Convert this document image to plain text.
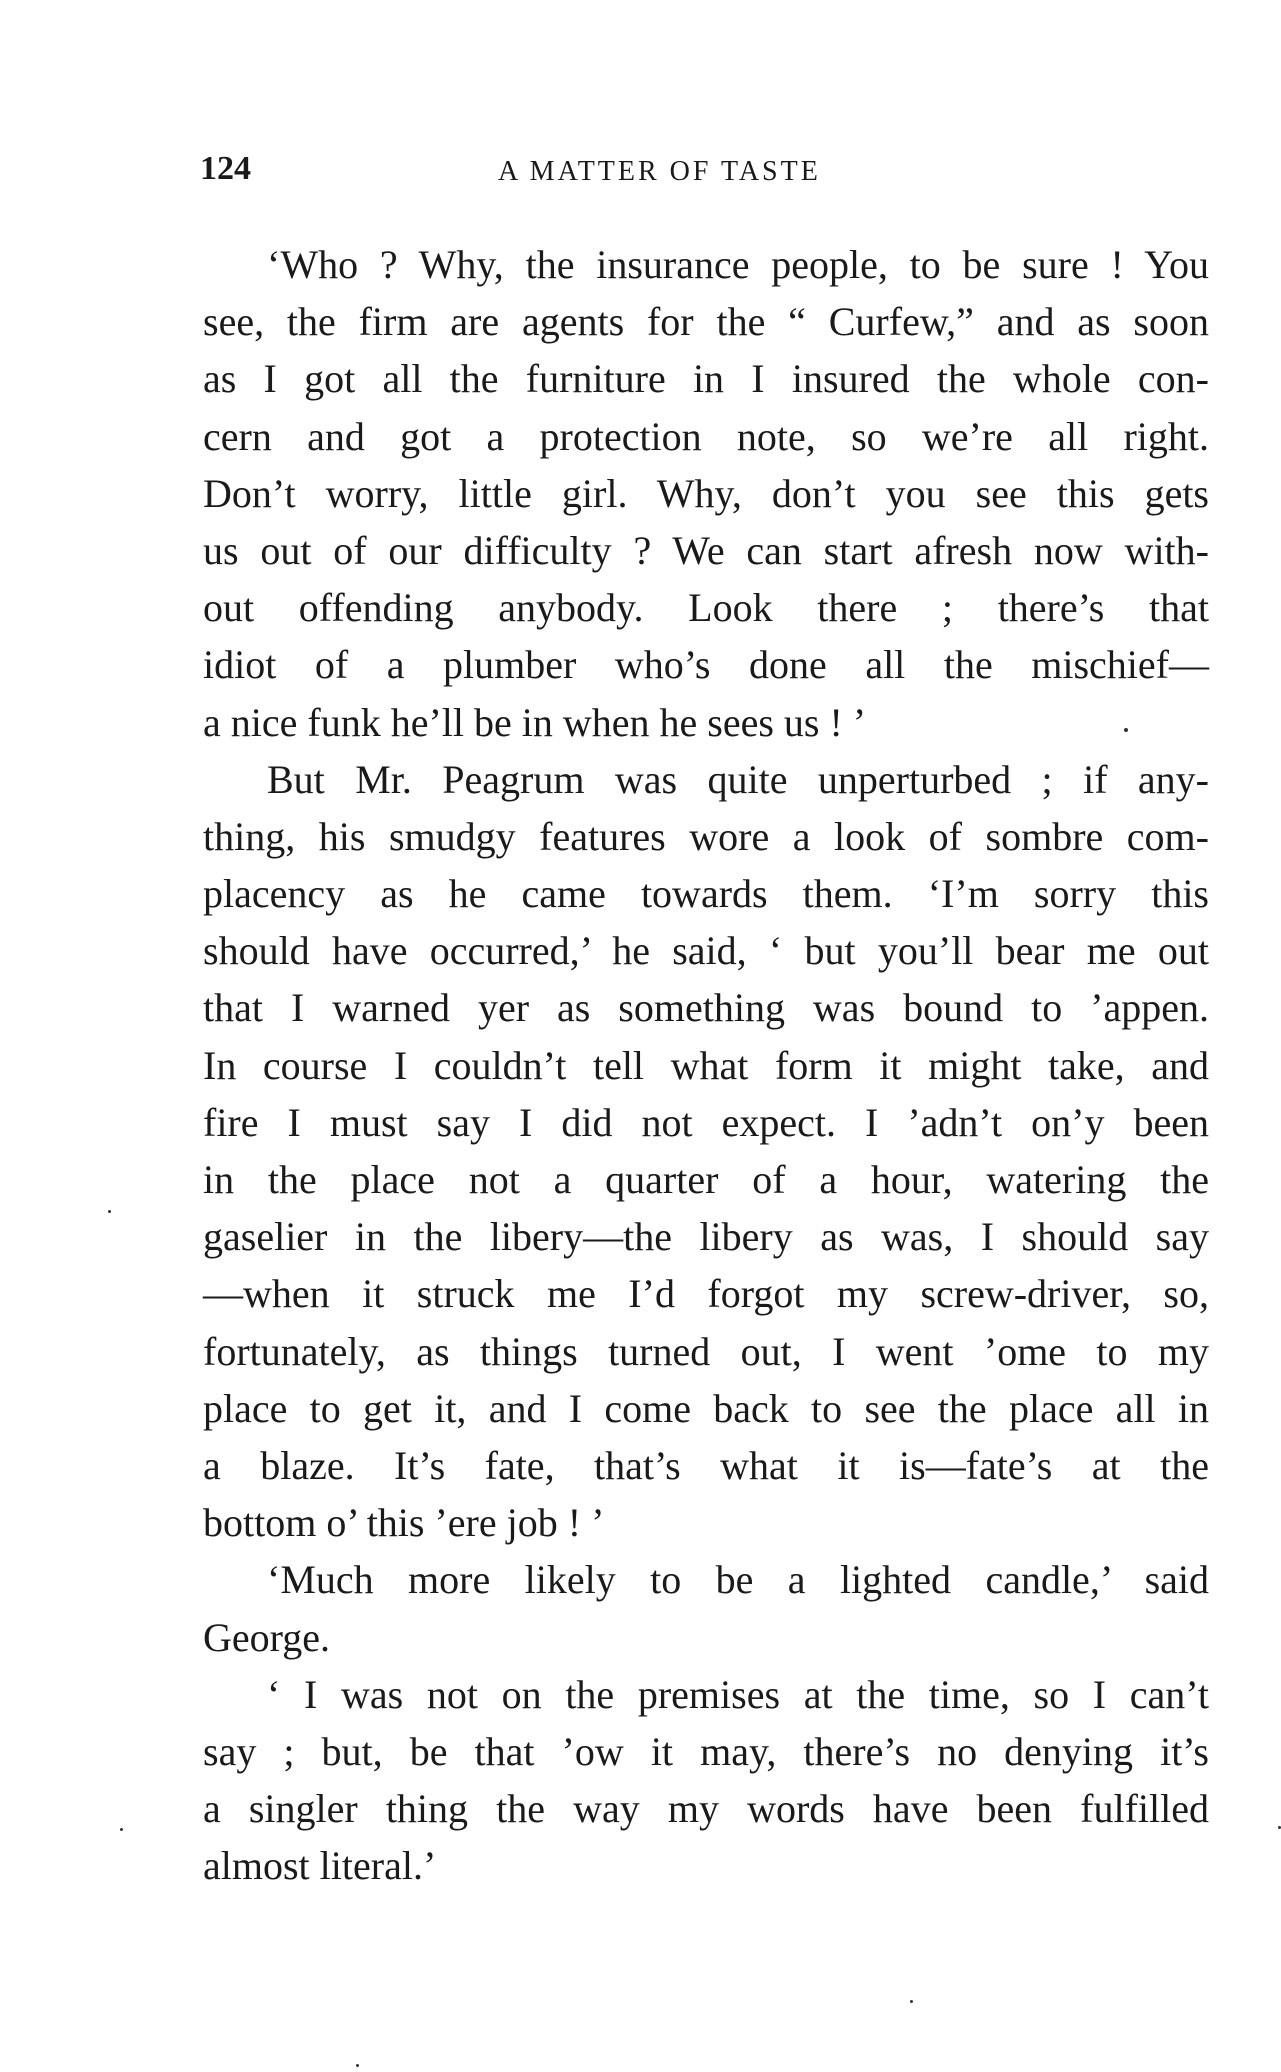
124	A MATTER OF TASTE
‘Who ? Why, the insurance people, to be sure ! You
see, the firm are agents for the “ Curfew,” and as soon
as I got all the furniture in I insured the whole con-
cern and got a protection note, so we’re all right.
Don’t worry, little girl. Why, don’t you see this gets
us out of our difficulty ? We can start afresh now with-
out offending anybody. Look there ; there’s that
idiot of a plumber who’s done all the mischief—
a nice funk he’ll be in when he sees us ! ’
But Mr. Peagrum was quite unperturbed ; if any-
thing, his smudgy features wore a look of sombre com-
placency as he came towards them. ‘I’m sorry this
should have occurred,’ he said, ‘ but you’ll bear me out
that I warned yer as something was bound to ’appen.
In course I couldn’t tell what form it might take, and
fire I must say I did not expect. I ’adn’t on’y been
in the place not a quarter of a hour, watering the
gaselier in the libery—the libery as was, I should say
—when it struck me I’d forgot my screw-driver, so,
fortunately, as things turned out, I went ’ome to my
place to get it, and I come back to see the place all in
a blaze. It’s fate, that’s what it is—fate’s at the
bottom o’ this ’ere job ! ’
‘Much more likely to be a lighted candle,’ said
George.
‘ I was not on the premises at the time, so I can’t
say ; but, be that ’ow it may, there’s no denying it’s
a singler thing the way my words have been fulfilled
almost literal.’
